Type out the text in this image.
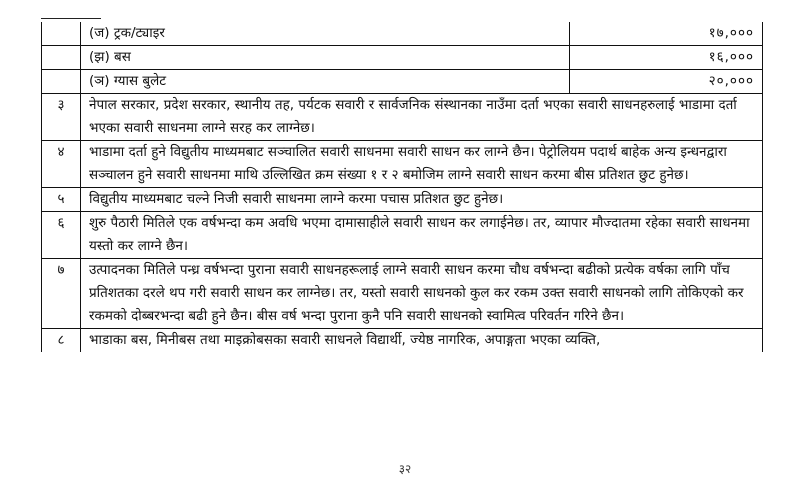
	(ज) ट्रक/ट्याइर	१७,०००
	(झ) बस	१६,०००
	(ञ) ग्यास बुलेट	२०,०००
३	नेपाल सरकार, प्रदेश सरकार, स्थानीय तह, पर्यटक सवारी र सार्वजनिक संस्थानका नाउँमा दर्ता भएका सवारी साधनहरुलाई भाडामा दर्ता भएका सवारी साधनमा लाग्ने सरह कर लाग्नेछ।	

४	भाडामा दर्ता हुने विद्युतीय माध्यमबाट सञ्चालित सवारी साधनमा सवारी साधन कर लाग्ने छैन। पेट्रोलियम पदार्थ बाहेक अन्य इन्धनद्वारा सञ्चालन हुने सवारी साधनमा माथि उल्लिखित क्रम संख्या १ र २ बमोजिम लाग्ने सवारी साधन करमा बीस प्रतिशत छुट हुनेछ।	

५	विद्युतीय माध्यमबाट चल्ने निजी सवारी साधनमा लाग्ने करमा पचास प्रतिशत छुट हुनेछ।	

६	शुरु पैठारी मितिले एक वर्षभन्दा कम अवधि भएमा दामासाहीले सवारी साधन कर लगाईनेछ। तर, व्यापार मौज्दातमा रहेका सवारी साधनमा यस्तो कर लाग्ने छैन।	

७	उत्पादनका मितिले पन्ध्र वर्षभन्दा पुराना सवारी साधनहरूलाई लाग्ने सवारी साधन करमा चौध वर्षभन्दा बढीको प्रत्येक वर्षका लागि पाँच प्रतिशतका दरले थप गरी सवारी साधन कर लाग्नेछ। तर, यस्तो सवारी साधनको कुल कर रकम उक्त सवारी साधनको लागि तोकिएको कर रकमको दोब्बरभन्दा बढी हुने छैन। बीस वर्ष भन्दा पुराना कुनै पनि सवारी साधनको स्वामित्व परिवर्तन गरिने छैन।	

८	भाडाका बस, मिनीबस तथा माइक्रोबसका सवारी साधनले विद्यार्थी, ज्येष्ठ नागरिक, अपाङ्गता भएका व्यक्ति,	
३२
